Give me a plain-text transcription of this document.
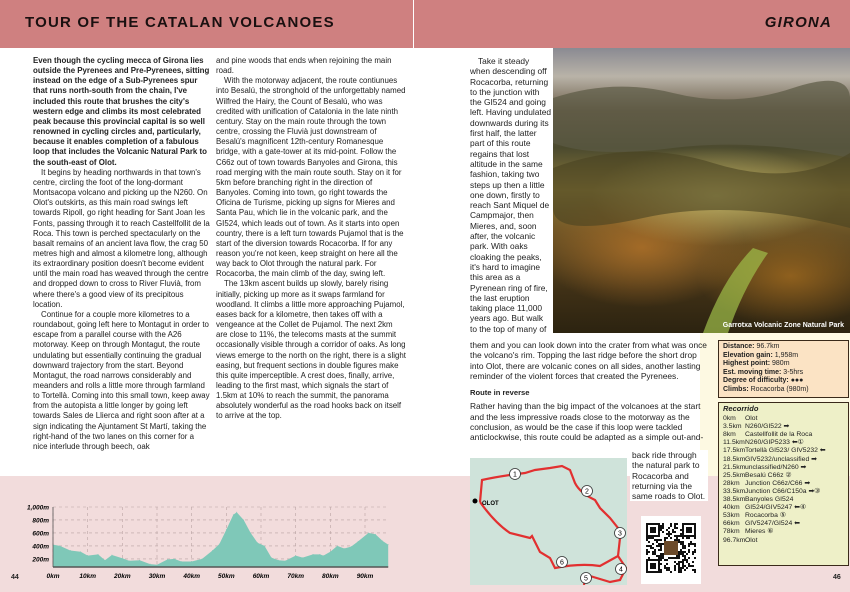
TOUR OF THE CATALAN VOLCANOES	GIRONA

Even though the cycling mecca of Girona lies outside the Pyrenees and Pre-Pyrenees, sitting instead on the edge of a Sub-Pyrenees spur that runs north-south from the chain, I've included this route that brushes the city's western edge and climbs its most celebrated peak because this provincial capital is so well renowned in cycling circles and, particularly, because it enables completion of a fabulous loop that includes the Volcanic Natural Park to the south-east of Olot.

It begins by heading northwards in that town's centre, circling the foot of the long-dormant Montsacopa volcano and picking up the N260. On Olot's outskirts, as this main road swings left towards Ripoll, go right heading for Sant Joan les Fonts, passing through it to reach Castellfollit de la Roca. This town is perched spectacularly on the basalt remains of an ancient lava flow, the crag 50 metres high and almost a kilometre long, although its extraordinary position doesn't become evident until the main road has weaved through the centre and dropped down to cross to River Fluvià, from where there's a good view of its precipitous location.

Continue for a couple more kilometres to a roundabout, going left here to Montagut in order to escape from a parallel course with the A26 motorway. Keep on through Montagut, the route undulating but essentially continuing the gradual downward trajectory from the start. Beyond Montagut, the road narrows considerably and meanders and rolls a little more through farmland to Tortellà. Coming into this small town, keep away from the autopista a little longer by going left towards Sales de Llierca and right soon after at a sign indicating the Ajuntament St Martí, taking the right-hand of the two lanes on this corner for a nice interlude through beech, oak

and pine woods that ends when rejoining the main road.

With the motorway adjacent, the route contiunues into Besalú, the stronghold of the unforgettably named Wilfred the Hairy, the Count of Besalú, who was credited with unification of Catalonia in the late ninth century. Stay on the main route through the town centre, crossing the Fluvià just downstream of Besalú's magnificent 12th-century Romanesque bridge, with a gate-tower at its mid-point. Follow the C66z out of town towards Banyoles and Girona, this road merging with the main route south. Stay on it for 5km before branching right in the direction of Banyoles. Coming into town, go right towards the Oficina de Turisme, picking up signs for Mieres and Santa Pau, which lie in the volcanic park, and the GI524, which leads out of town. As it starts into open country, there is a left turn towards Pujamol that is the start of the diversion towards Rocacorba. If for any reason you're not keen, keep straight on here all the way back to Olot through the natural park. For Rocacorba, the main climb of the day, swing left.

The 13km ascent builds up slowly, barely rising initially, picking up more as it swaps farmland for woodland. It climbs a little more approaching Pujamol, eases back for a kilometre, then takes off with a vengeance at the Collet de Pujamol. The next 2km are close to 11%, the telecoms masts at the summit occasionally visible through a corridor of oaks. As long views emerge to the north on the right, there is a slight easing, but frequent sections in double figures make this quite imperceptible. A crest does, finally, arrive, leading to the first mast, which signals the start of 1.5km at 10% to reach the summit, the panorama absolutely wonderful as the road hooks back on itself to arrive at the top.

200m
400m
600m
800m
1,000m
0km	10km	20km	30km	40km	50km	60km	70km	80km	90km
44

Take it steady when descending off Rocacorba, returning to the junction with the GI524 and going left. Having undulated downwards during its first half, the latter part of this route regains that lost altitude in the same fashion, taking two steps up then a little one down, firstly to reach Sant Miquel de Campmajor, then Mieres, and, soon after, the volcanic park. With oaks cloaking the peaks, it's hard to imagine this area as a Pyrenean ring of fire, the last eruption taking place 11,000 years ago. But walk to the top of many of

them and you can look down into the crater from what was once the volcano's rim. Topping the last ridge before the short drop into Olot, there are volcanic cones on all sides, another lasting reminder of the violent forces that created the Pyrenees.

Route in reverse

Rather having than the big impact of the volcanoes at the start and the less impressive roads close to the motorway as the conclusion, as would be the case if this loop were tackled anticlockwise, this route could be adapted as a simple out-and-

back ride through the natural park to Rocacorba and returning via the same roads to Olot.

Garrotxa Volcanic Zone Natural Park
Distance: 96.7km
Elevation gain: 1,958m
Highest point: 980m
Est. moving time: 3-5hrs
Degree of difficulty: ●●●
Climbs: Rocacorba (980m)
Recorrido
0km	Olot
3.5km N260/GI522 ➡
8km	Castellfollit de la Roca
11.5km N260/GIP5233 ⬅①
17.5km Tortellà GI523/ GIV5232 ⬅
18.5km GIV5232/unclassified ➡
21.5km unclassified/N260 ➡
25.5km Besalú C66z ②
28km Junction C66z/C66 ➡
33.5km Junction C66/C150a ➡③
38.5km Banyoles GI524
40km GI524/GIV5247 ⬅④
53km Rocacorba ⑤
66km GIV5247/GI524 ⬅
78km Mieres ⑥
96.7km Olot
OLOT
1
2
3
4
5
6
46
